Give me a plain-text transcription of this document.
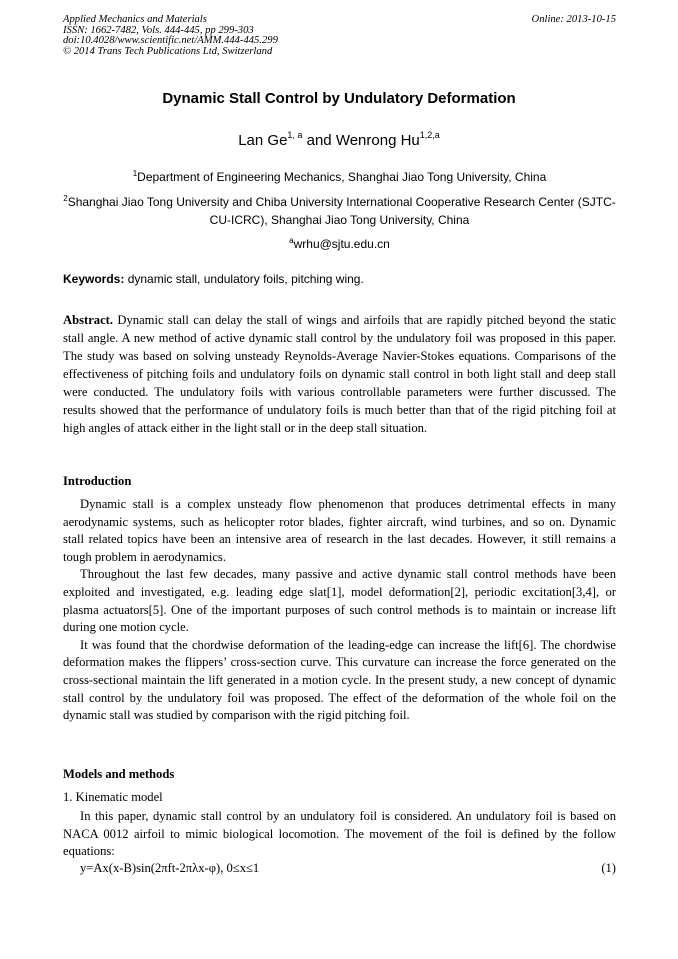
Applied Mechanics and Materials
ISSN: 1662-7482, Vols. 444-445, pp 299-303
doi:10.4028/www.scientific.net/AMM.444-445.299
© 2014 Trans Tech Publications Ltd, Switzerland
Online: 2013-10-15
Dynamic Stall Control by Undulatory Deformation
Lan Ge$^{1, a}$ and Wenrong Hu$^{1,2,a}$
$^1$Department of Engineering Mechanics, Shanghai Jiao Tong University, China
$^2$Shanghai Jiao Tong University and Chiba University International Cooperative Research Center (SJTC-CU-ICRC), Shanghai Jiao Tong University, China
$^a$wrhu@sjtu.edu.cn
Keywords: dynamic stall, undulatory foils, pitching wing.
Abstract. Dynamic stall can delay the stall of wings and airfoils that are rapidly pitched beyond the static stall angle. A new method of active dynamic stall control by the undulatory foil was proposed in this paper. The study was based on solving unsteady Reynolds-Average Navier-Stokes equations. Comparisons of the effectiveness of pitching foils and undulatory foils on dynamic stall control in both light stall and deep stall were conducted. The undulatory foils with various controllable parameters were further discussed. The results showed that the performance of undulatory foils is much better than that of the rigid pitching foil at high angles of attack either in the light stall or in the deep stall situation.
Introduction

Dynamic stall is a complex unsteady flow phenomenon that produces detrimental effects in many aerodynamic systems, such as helicopter rotor blades, fighter aircraft, wind turbines, and so on. Dynamic stall related topics have been an intensive area of research in the last decades. However, it still remains a tough problem in aerodynamics.

Throughout the last few decades, many passive and active dynamic stall control methods have been exploited and investigated, e.g. leading edge slat[1], model deformation[2], periodic excitation[3,4], or plasma actuators[5]. One of the important purposes of such control methods is to maintain or increase lift during one motion cycle.

It was found that the chordwise deformation of the leading-edge can increase the lift[6]. The chordwise deformation makes the flippers’ cross-section curve. This curvature can increase the force generated on the cross-sectional maintain the lift generated in a motion cycle. In the present study, a new concept of dynamic stall control by the undulatory foil was proposed. The effect of the deformation of the whole foil on the dynamic stall was studied by comparison with the rigid pitching foil.

Models and methods
1. Kinematic model

In this paper, dynamic stall control by an undulatory foil is considered. An undulatory foil is based on NACA 0012 airfoil to mimic biological locomotion. The movement of the foil is defined by the follow equations:

y=Ax(x-B)sin(2πft-2πλx-φ), 0≤x≤1	(1)
